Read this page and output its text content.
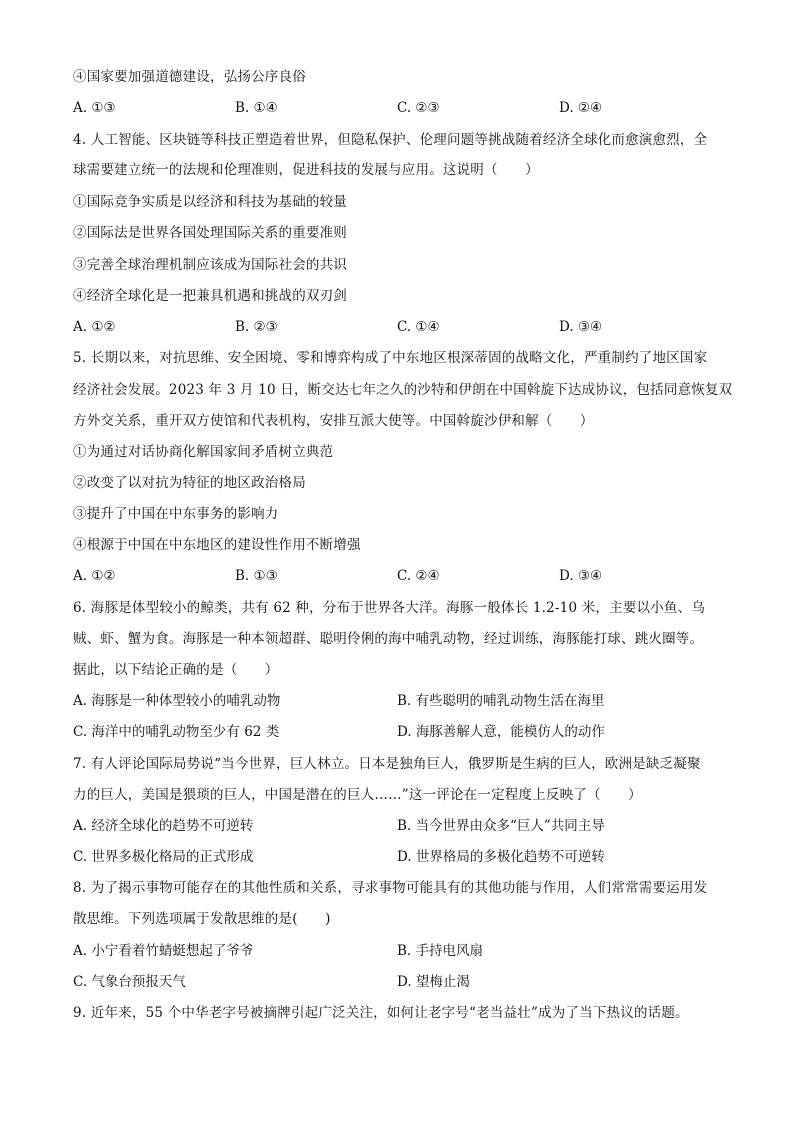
④国家要加强道德建设，弘扬公序良俗
A. ①③	B. ①④	C. ②③	D. ②④
4. 人工智能、区块链等科技正塑造着世界，但隐私保护、伦理问题等挑战随着经济全球化而愈演愈烈，全
球需要建立统一的法规和伦理准则，促进科技的发展与应用。这说明（　　）
①国际竞争实质是以经济和科技为基础的较量
②国际法是世界各国处理国际关系的重要准则
③完善全球治理机制应该成为国际社会的共识
④经济全球化是一把兼具机遇和挑战的双刃剑
A. ①②	B. ②③	C. ①④	D. ③④
5. 长期以来，对抗思维、安全困境、零和博弈构成了中东地区根深蒂固的战略文化，严重制约了地区国家
经济社会发展。2023 年 3 月 10 日，断交达七年之久的沙特和伊朗在中国斡旋下达成协议，包括同意恢复双
方外交关系，重开双方使馆和代表机构，安排互派大使等。中国斡旋沙伊和解（　　）
①为通过对话协商化解国家间矛盾树立典范
②改变了以对抗为特征的地区政治格局
③提升了中国在中东事务的影响力
④根源于中国在中东地区的建设性作用不断增强
A. ①②	B. ①③	C. ②④	D. ③④
6. 海豚是体型较小的鲸类，共有 62 种，分布于世界各大洋。海豚一般体长 1.2-10 米，主要以小鱼、乌
贼、虾、蟹为食。海豚是一种本领超群、聪明伶俐的海中哺乳动物，经过训练，海豚能打球、跳火圈等。
据此，以下结论正确的是（　　）
A. 海豚是一种体型较小的哺乳动物	B. 有些聪明的哺乳动物生活在海里
C. 海洋中的哺乳动物至少有 62 类	D. 海豚善解人意，能模仿人的动作
7. 有人评论国际局势说“当今世界，巨人林立。日本是独角巨人，俄罗斯是生病的巨人，欧洲是缺乏凝聚
力的巨人，美国是猥琐的巨人，中国是潜在的巨人……”这一评论在一定程度上反映了（　　）
A. 经济全球化的趋势不可逆转	B. 当今世界由众多“巨人”共同主导
C. 世界多极化格局的正式形成	D. 世界格局的多极化趋势不可逆转
8. 为了揭示事物可能存在的其他性质和关系，寻求事物可能具有的其他功能与作用，人们常常需要运用发
散思维。下列选项属于发散思维的是(　　)
A. 小宁看着竹蜻蜓想起了爷爷	B. 手持电风扇
C. 气象台预报天气	D. 望梅止渴
9. 近年来，55 个中华老字号被摘牌引起广泛关注，如何让老字号“老当益壮”成为了当下热议的话题。
